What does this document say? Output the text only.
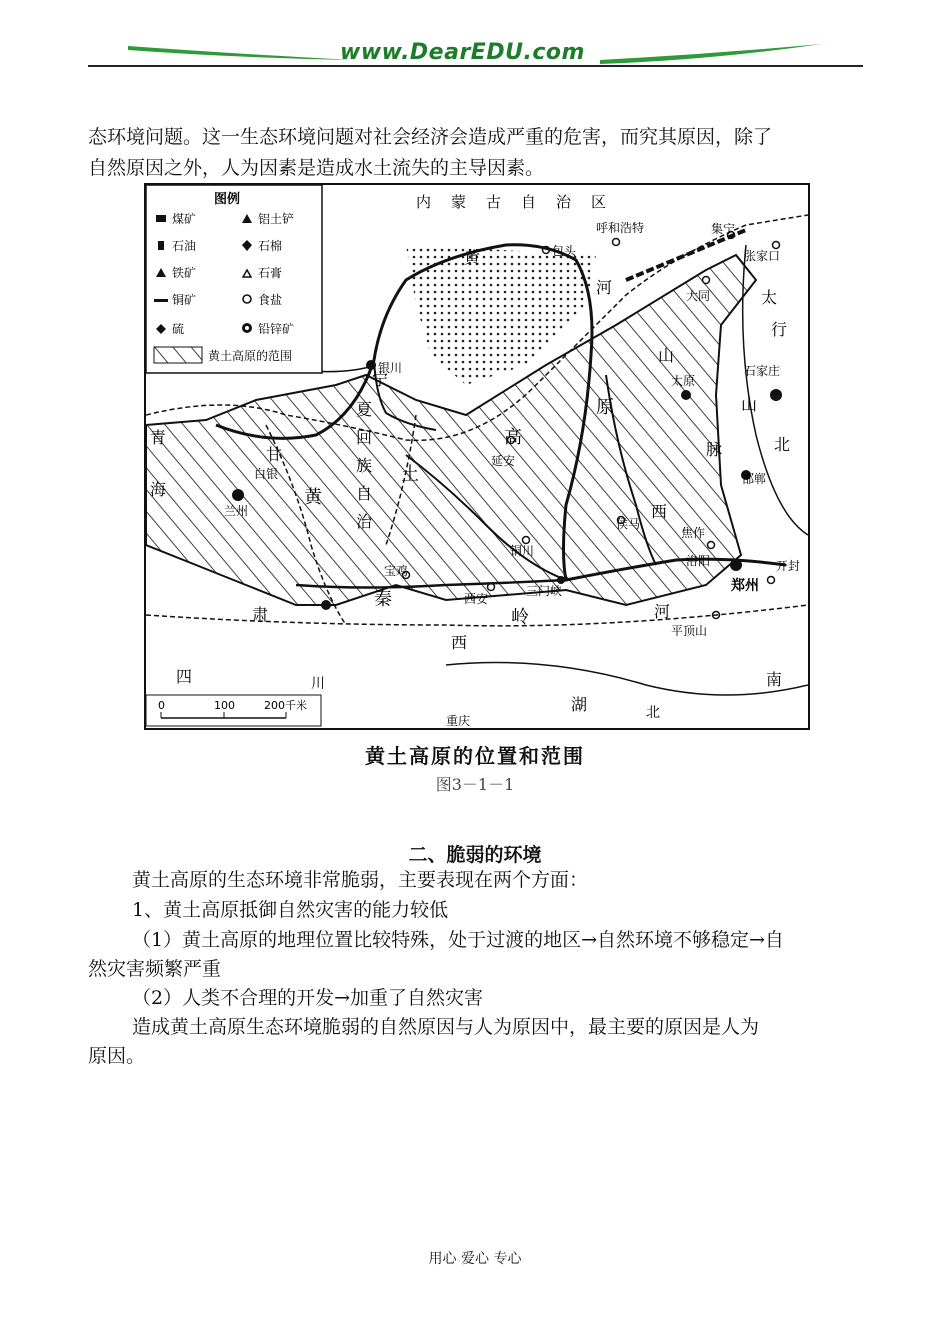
www.DearEDU.com
态环境问题。这一生态环境问题对社会经济会造成严重的危害，而究其原因，除了
自然原因之外，人为因素是造成水土流失的主导因素。
图例
煤矿	铝土铲
石油	石棉
铁矿	石膏
铜矿	食盐
硫	铅锌矿
黄土高原的范围
内蒙古自治区
包头
呼和浩特	集宁
张家口
大同
太原
石家庄
银川
延安
白银
兰州
侯马
焦作
洛阳
郑州
开封
铜川
宝鸡
西安
三门峡
平顶山
邯郸
重庆
青
海
甘
肃
黄
黄
河
宁
夏
回
族
自
治
土
高
原
山
西
河
太
行
山
脉	北
秦
岭
西
四	川
湖	北
南
0	100	200千米
黄土高原的位置和范围
图3－1－1
二、脆弱的环境
黄土高原的生态环境非常脆弱，主要表现在两个方面：
1、黄土高原抵御自然灾害的能力较低
（1）黄土高原的地理位置比较特殊，处于过渡的地区→自然环境不够稳定→自
然灾害频繁严重
（2）人类不合理的开发→加重了自然灾害
造成黄土高原生态环境脆弱的自然原因与人为原因中，最主要的原因是人为
原因。
用心 爱心 专心
